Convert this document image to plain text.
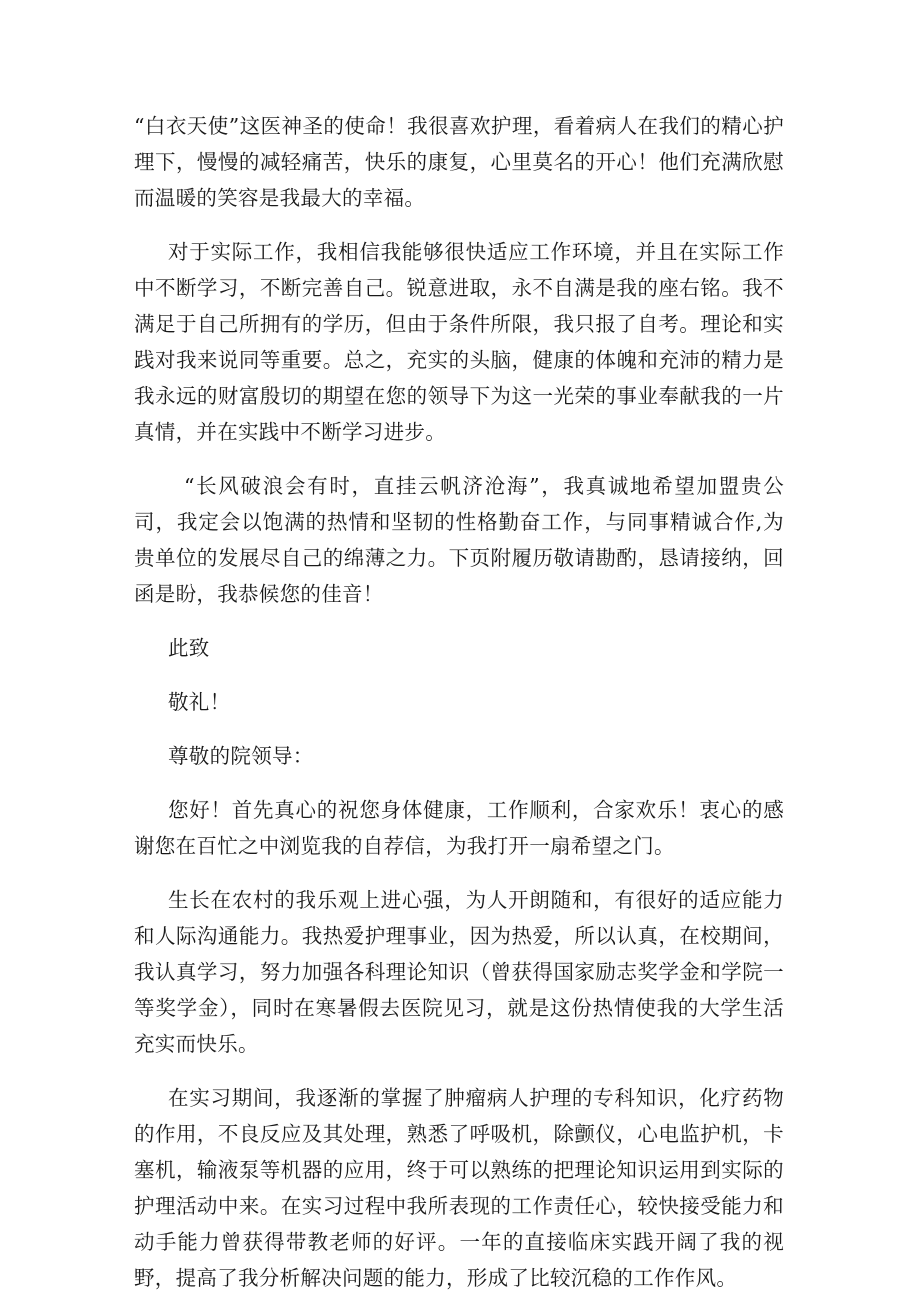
“白衣天使”这医神圣的使命！我很喜欢护理，看着病人在我们的精心护理下，慢慢的减轻痛苦，快乐的康复，心里莫名的开心！他们充满欣慰而温暖的笑容是我最大的幸福。

对于实际工作，我相信我能够很快适应工作环境，并且在实际工作中不断学习，不断完善自己。锐意进取，永不自满是我的座右铭。我不满足于自己所拥有的学历，但由于条件所限，我只报了自考。理论和实践对我来说同等重要。总之，充实的头脑，健康的体魄和充沛的精力是我永远的财富殷切的期望在您的领导下为这一光荣的事业奉献我的一片真情，并在实践中不断学习进步。

“长风破浪会有时，直挂云帆济沧海”，我真诚地希望加盟贵公司，我定会以饱满的热情和坚韧的性格勤奋工作，与同事精诚合作,为贵单位的发展尽自己的绵薄之力。下页附履历敬请勘酌，恳请接纳，回函是盼，我恭候您的佳音！

此致

敬礼！

尊敬的院领导：

您好！首先真心的祝您身体健康，工作顺利，合家欢乐！衷心的感谢您在百忙之中浏览我的自荐信，为我打开一扇希望之门。

生长在农村的我乐观上进心强，为人开朗随和，有很好的适应能力和人际沟通能力。我热爱护理事业，因为热爱，所以认真，在校期间，我认真学习，努力加强各科理论知识（曾获得国家励志奖学金和学院一等奖学金），同时在寒暑假去医院见习，就是这份热情使我的大学生活充实而快乐。

在实习期间，我逐渐的掌握了肿瘤病人护理的专科知识，化疗药物的作用，不良反应及其处理，熟悉了呼吸机，除颤仪，心电监护机，卡塞机，输液泵等机器的应用，终于可以熟练的把理论知识运用到实际的护理活动中来。在实习过程中我所表现的工作责任心，较快接受能力和动手能力曾获得带教老师的好评。一年的直接临床实践开阔了我的视野，提高了我分析解决问题的能力，形成了比较沉稳的工作作风。
